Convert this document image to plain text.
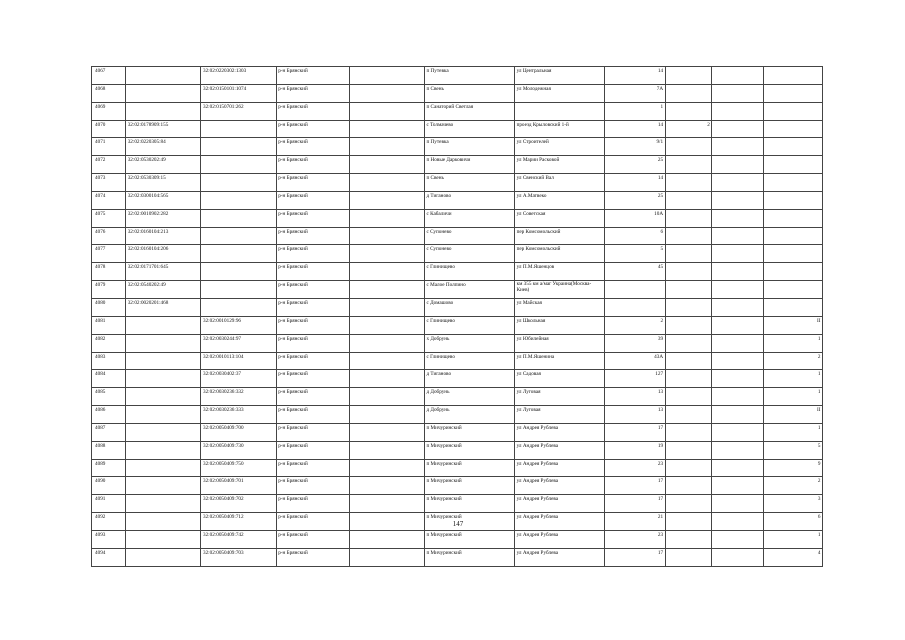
4067		32:02:0220302:1303	р-н Брянский		п Путевка	ул Центральная	14			
4068		32:02:0150101:1074	р-н Брянский		п Свень	ул Молодежная	7А			
4069		32:02:0150701:262	р-н Брянский		п Санаторий Светлая		1			
4070	32:02:0178909:155		р-н Брянский		с Толмачево	проезд Крыловский 1-й	14	2		
4071	32:02:0220305:84		р-н Брянский		п Путевка	ул Строителей	9/1			
4072	32:02:0530202:49		р-н Брянский		п Новые Дарковичи	ул Марии Расковой	25			
4073	32:02:0530309:15		р-н Брянский		п Свень	ул Свенский Вал	14			
4074	32:02:0300104:565		р-н Брянский		д Тиганово	ул А.Матвеко	25			
4075	32:02:0010902:282		р-н Брянский		с Кабаличи	ул Советская	10А			
4076	32:02:0160104:213		р-н Брянский		с Супонево	пер Комсомольский	6			
4077	32:02:0160104:206		р-н Брянский		с Супонево	пер Комсомольский	5			
4078	32:02:0171701:645		р-н Брянский		с Глинищево	ул П.М.Яшенцов	45			
4079	32:02:0540202:49		р-н Брянский		с Малое Полпино	км 355 км а/маг Украина(Москва-Киев)				
4080	32:02:0020201:468		р-н Брянский		с Домашово	ул Майская				
4081		32:02:0010129:96	р-н Брянский		с Глинищево	ул Школьная	2			II
4082		32:02:0030244:97	р-н Брянский		х Добрунь	ул Юбилейная	39			1
4083		32:02:0010113:104	р-н Брянский		с Глинищево	ул П.М.Яшенина	43А			2
4084		32:02:0030402:37	р-н Брянский		д Тиганово	ул Садовая	127			1
4085		32:02:0030236:332	р-н Брянский		д Добрунь	ул Луговая	13			1
4086		32:02:0030236:333	р-н Брянский		д Добрунь	ул Луговая	13			II
4087		32:02:0050409:700	р-н Брянский		п Мичуринский	ул Андрея Рублева	17			1
4088		32:02:0050409:730	р-н Брянский		п Мичуринский	ул Андрея Рублева	19			5
4089		32:02:0050409:750	р-н Брянский		п Мичуринский	ул Андрея Рублева	23			9
4090		32:02:0050409:701	р-н Брянский		п Мичуринский	ул Андрея Рублева	17			2
4091		32:02:0050409:702	р-н Брянский		п Мичуринский	ул Андрея Рублева	17			3
4092		32:02:0050409:712	р-н Брянский		п Мичуринский	ул Андрея Рублева	21			6
4093		32:02:0050409:742	р-н Брянский		п Мичуринский	ул Андрея Рублева	23			1
4094		32:02:0050409:703	р-н Брянский		п Мичуринский	ул Андрея Рублева	17			4
147
